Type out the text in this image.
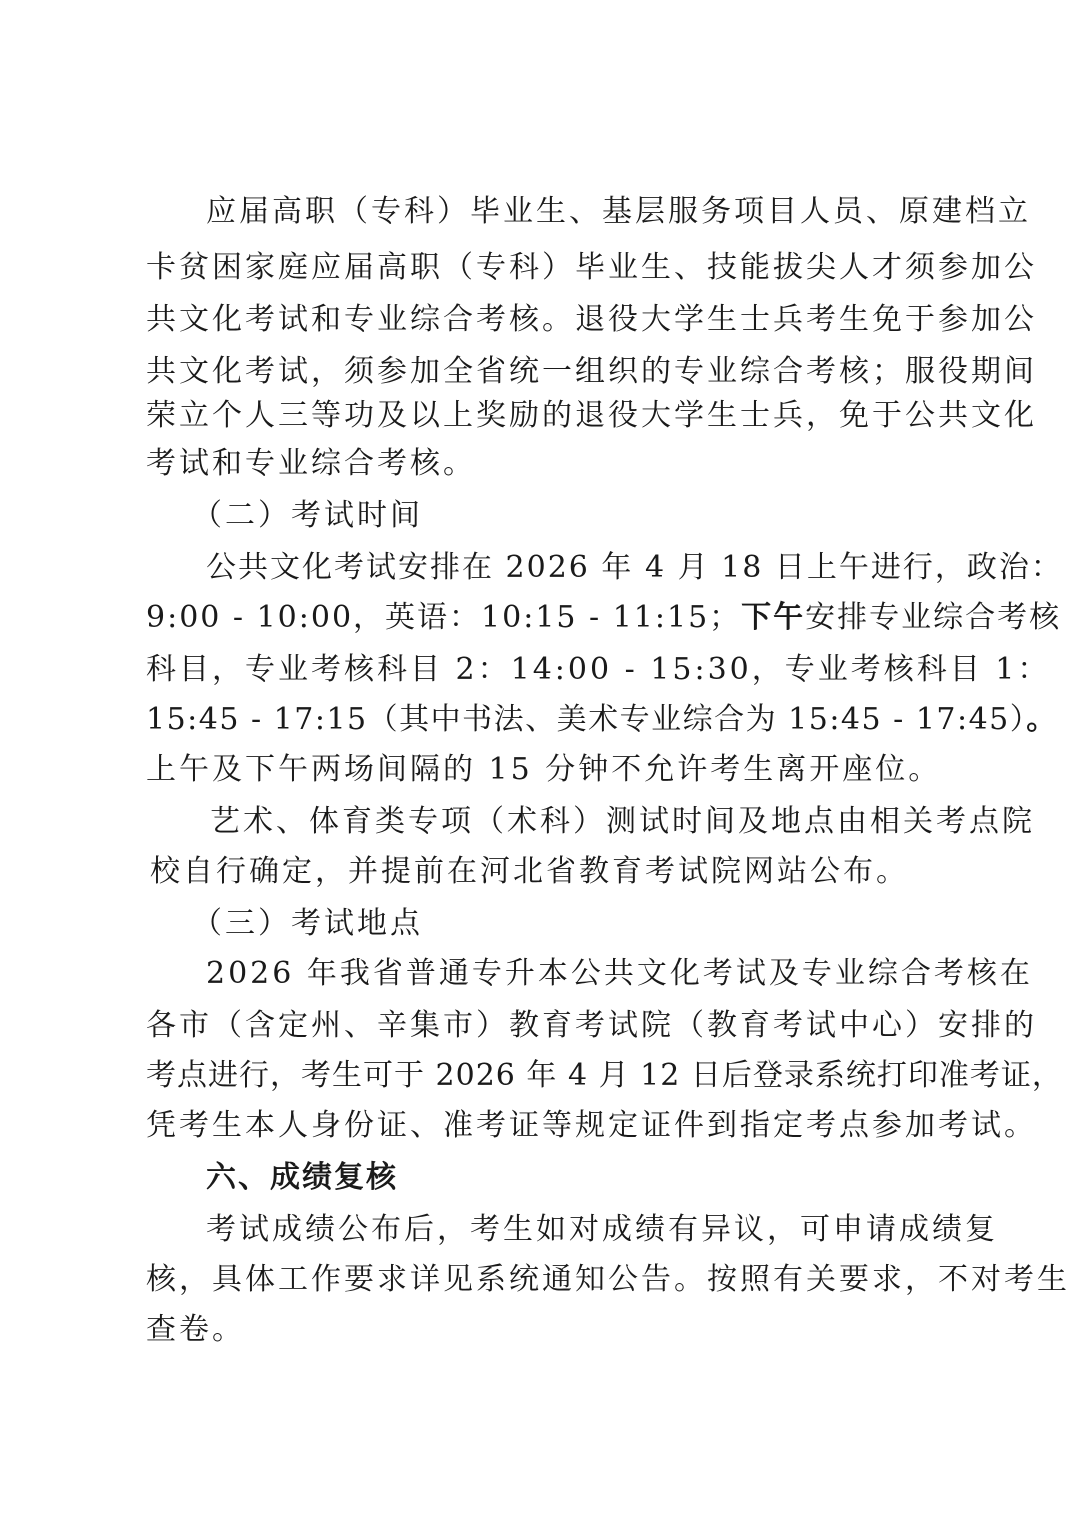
应届高职（专科）毕业生、基层服务项目人员、原建档立
卡贫困家庭应届高职（专科）毕业生、技能拔尖人才须参加公
共文化考试和专业综合考核。退役大学生士兵考生免于参加公
共文化考试，须参加全省统一组织的专业综合考核；服役期间
荣立个人三等功及以上奖励的退役大学生士兵，免于公共文化
考试和专业综合考核。
（二）考试时间
公共文化考试安排在 2026 年 4 月 18 日上午进行，政治：
9:00 - 10:00，英语：10:15 - 11:15；下午安排专业综合考核
科目，专业考核科目 2：14:00 - 15:30，专业考核科目 1：
15:45 - 17:15（其中书法、美术专业综合为 15:45 - 17:45）。
上午及下午两场间隔的 15 分钟不允许考生离开座位。
艺术、体育类专项（术科）测试时间及地点由相关考点院
校自行确定，并提前在河北省教育考试院网站公布。
（三）考试地点
2026 年我省普通专升本公共文化考试及专业综合考核在
各市（含定州、辛集市）教育考试院（教育考试中心）安排的
考点进行，考生可于 2026 年 4 月 12 日后登录系统打印准考证，
凭考生本人身份证、准考证等规定证件到指定考点参加考试。
六、成绩复核
考试成绩公布后，考生如对成绩有异议，可申请成绩复
核，具体工作要求详见系统通知公告。按照有关要求，不对考生
查卷。
